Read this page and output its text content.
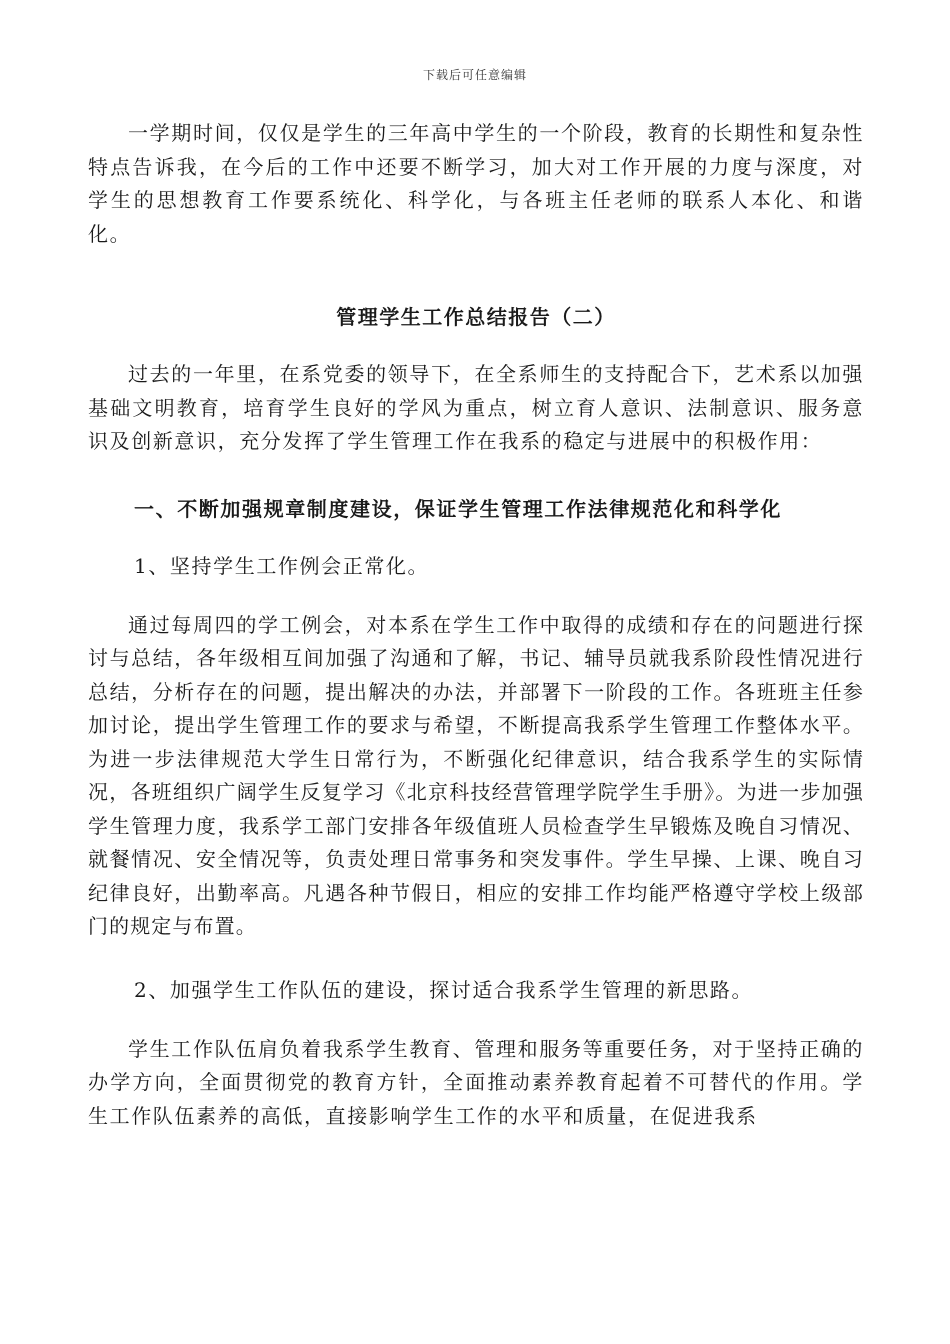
下载后可任意编辑

一学期时间，仅仅是学生的三年高中学生的一个阶段，教育的长期性和复杂性特点告诉我，在今后的工作中还要不断学习，加大对工作开展的力度与深度，对学生的思想教育工作要系统化、科学化，与各班主任老师的联系人本化、和谐化。

管理学生工作总结报告（二）

过去的一年里，在系党委的领导下，在全系师生的支持配合下，艺术系以加强基础文明教育，培育学生良好的学风为重点，树立育人意识、法制意识、服务意识及创新意识，充分发挥了学生管理工作在我系的稳定与进展中的积极作用：

一、不断加强规章制度建设，保证学生管理工作法律规范化和科学化

1、坚持学生工作例会正常化。

通过每周四的学工例会，对本系在学生工作中取得的成绩和存在的问题进行探讨与总结，各年级相互间加强了沟通和了解，书记、辅导员就我系阶段性情况进行总结，分析存在的问题，提出解决的办法，并部署下一阶段的工作。各班班主任参加讨论，提出学生管理工作的要求与希望，不断提高我系学生管理工作整体水平。为进一步法律规范大学生日常行为，不断强化纪律意识，结合我系学生的实际情况，各班组织广阔学生反复学习《北京科技经营管理学院学生手册》。为进一步加强学生管理力度，我系学工部门安排各年级值班人员检查学生早锻炼及晚自习情况、就餐情况、安全情况等，负责处理日常事务和突发事件。学生早操、上课、晚自习纪律良好，出勤率高。凡遇各种节假日，相应的安排工作均能严格遵守学校上级部门的规定与布置。

2、加强学生工作队伍的建设，探讨适合我系学生管理的新思路。

学生工作队伍肩负着我系学生教育、管理和服务等重要任务，对于坚持正确的办学方向，全面贯彻党的教育方针，全面推动素养教育起着不可替代的作用。学生工作队伍素养的高低，直接影响学生工作的水平和质量，在促进我系
